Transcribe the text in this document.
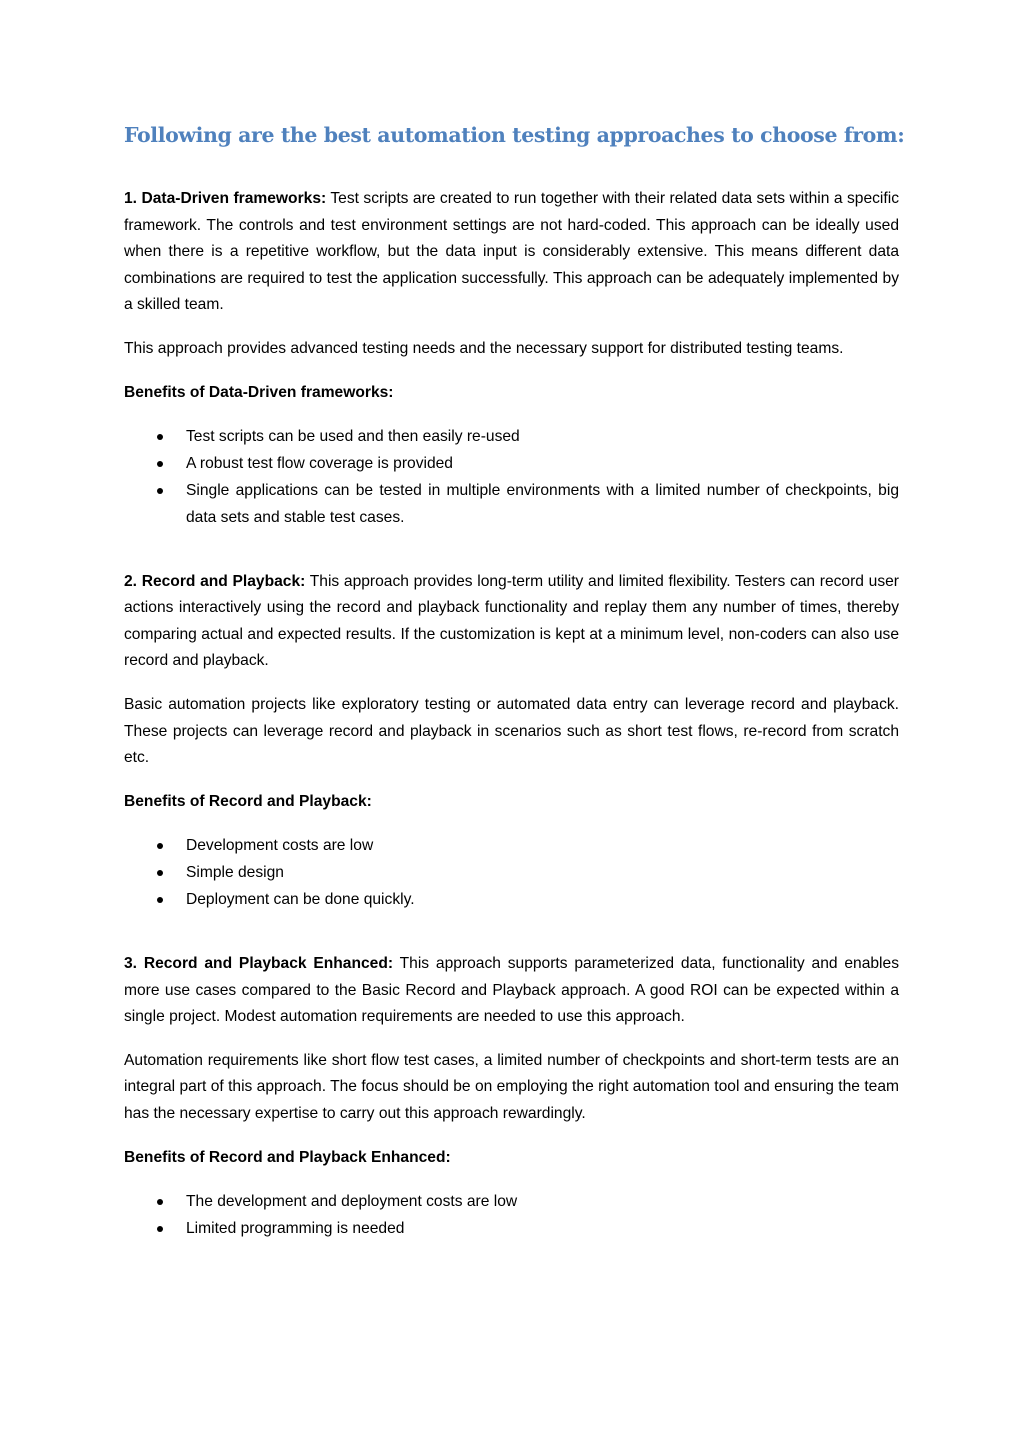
Following are the best automation testing approaches to choose from:

1. Data-Driven frameworks: Test scripts are created to run together with their related data sets within a specific framework. The controls and test environment settings are not hard-coded. This approach can be ideally used when there is a repetitive workflow, but the data input is considerably extensive. This means different data combinations are required to test the application successfully. This approach can be adequately implemented by a skilled team.

This approach provides advanced testing needs and the necessary support for distributed testing teams.

Benefits of Data-Driven frameworks:
Test scripts can be used and then easily re-used
A robust test flow coverage is provided
Single applications can be tested in multiple environments with a limited number of checkpoints, big data sets and stable test cases.

2. Record and Playback: This approach provides long-term utility and limited flexibility. Testers can record user actions interactively using the record and playback functionality and replay them any number of times, thereby comparing actual and expected results. If the customization is kept at a minimum level, non-coders can also use record and playback.

Basic automation projects like exploratory testing or automated data entry can leverage record and playback. These projects can leverage record and playback in scenarios such as short test flows, re-record from scratch etc.

Benefits of Record and Playback:
Development costs are low
Simple design
Deployment can be done quickly.

3. Record and Playback Enhanced: This approach supports parameterized data, functionality and enables more use cases compared to the Basic Record and Playback approach. A good ROI can be expected within a single project. Modest automation requirements are needed to use this approach.

Automation requirements like short flow test cases, a limited number of checkpoints and short-term tests are an integral part of this approach. The focus should be on employing the right automation tool and ensuring the team has the necessary expertise to carry out this approach rewardingly.

Benefits of Record and Playback Enhanced:
The development and deployment costs are low
Limited programming is needed
